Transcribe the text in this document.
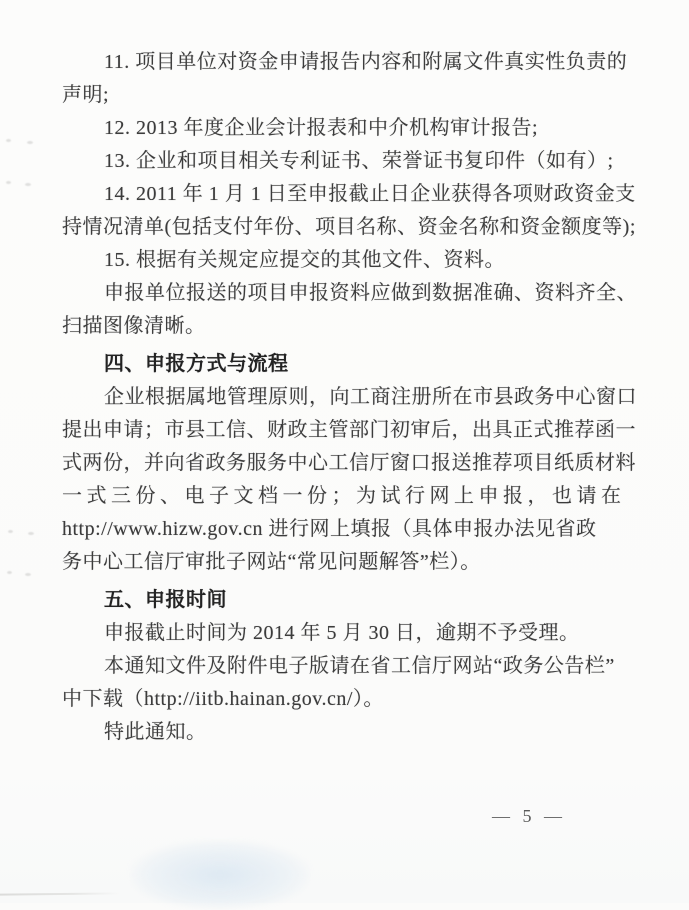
11. 项目单位对资金申请报告内容和附属文件真实性负责的
声明;
12. 2013 年度企业会计报表和中介机构审计报告;
13. 企业和项目相关专利证书、荣誉证书复印件（如有）;
14. 2011 年 1 月 1 日至申报截止日企业获得各项财政资金支
持情况清单(包括支付年份、项目名称、资金名称和资金额度等);
15. 根据有关规定应提交的其他文件、资料。
申报单位报送的项目申报资料应做到数据准确、资料齐全、
扫描图像清晰。
四、申报方式与流程
企业根据属地管理原则，向工商注册所在市县政务中心窗口
提出申请；市县工信、财政主管部门初审后，出具正式推荐函一
式两份，并向省政务服务中心工信厅窗口报送推荐项目纸质材料
一式三份、电子文档一份；为试行网上申报，也请在
http://www.hizw.gov.cn 进行网上填报（具体申报办法见省政
务中心工信厅审批子网站“常见问题解答”栏）。
五、申报时间
申报截止时间为 2014 年 5 月 30 日，逾期不予受理。
本通知文件及附件电子版请在省工信厅网站“政务公告栏”
中下载（http://iitb.hainan.gov.cn/）。
特此通知。
— 5 —
